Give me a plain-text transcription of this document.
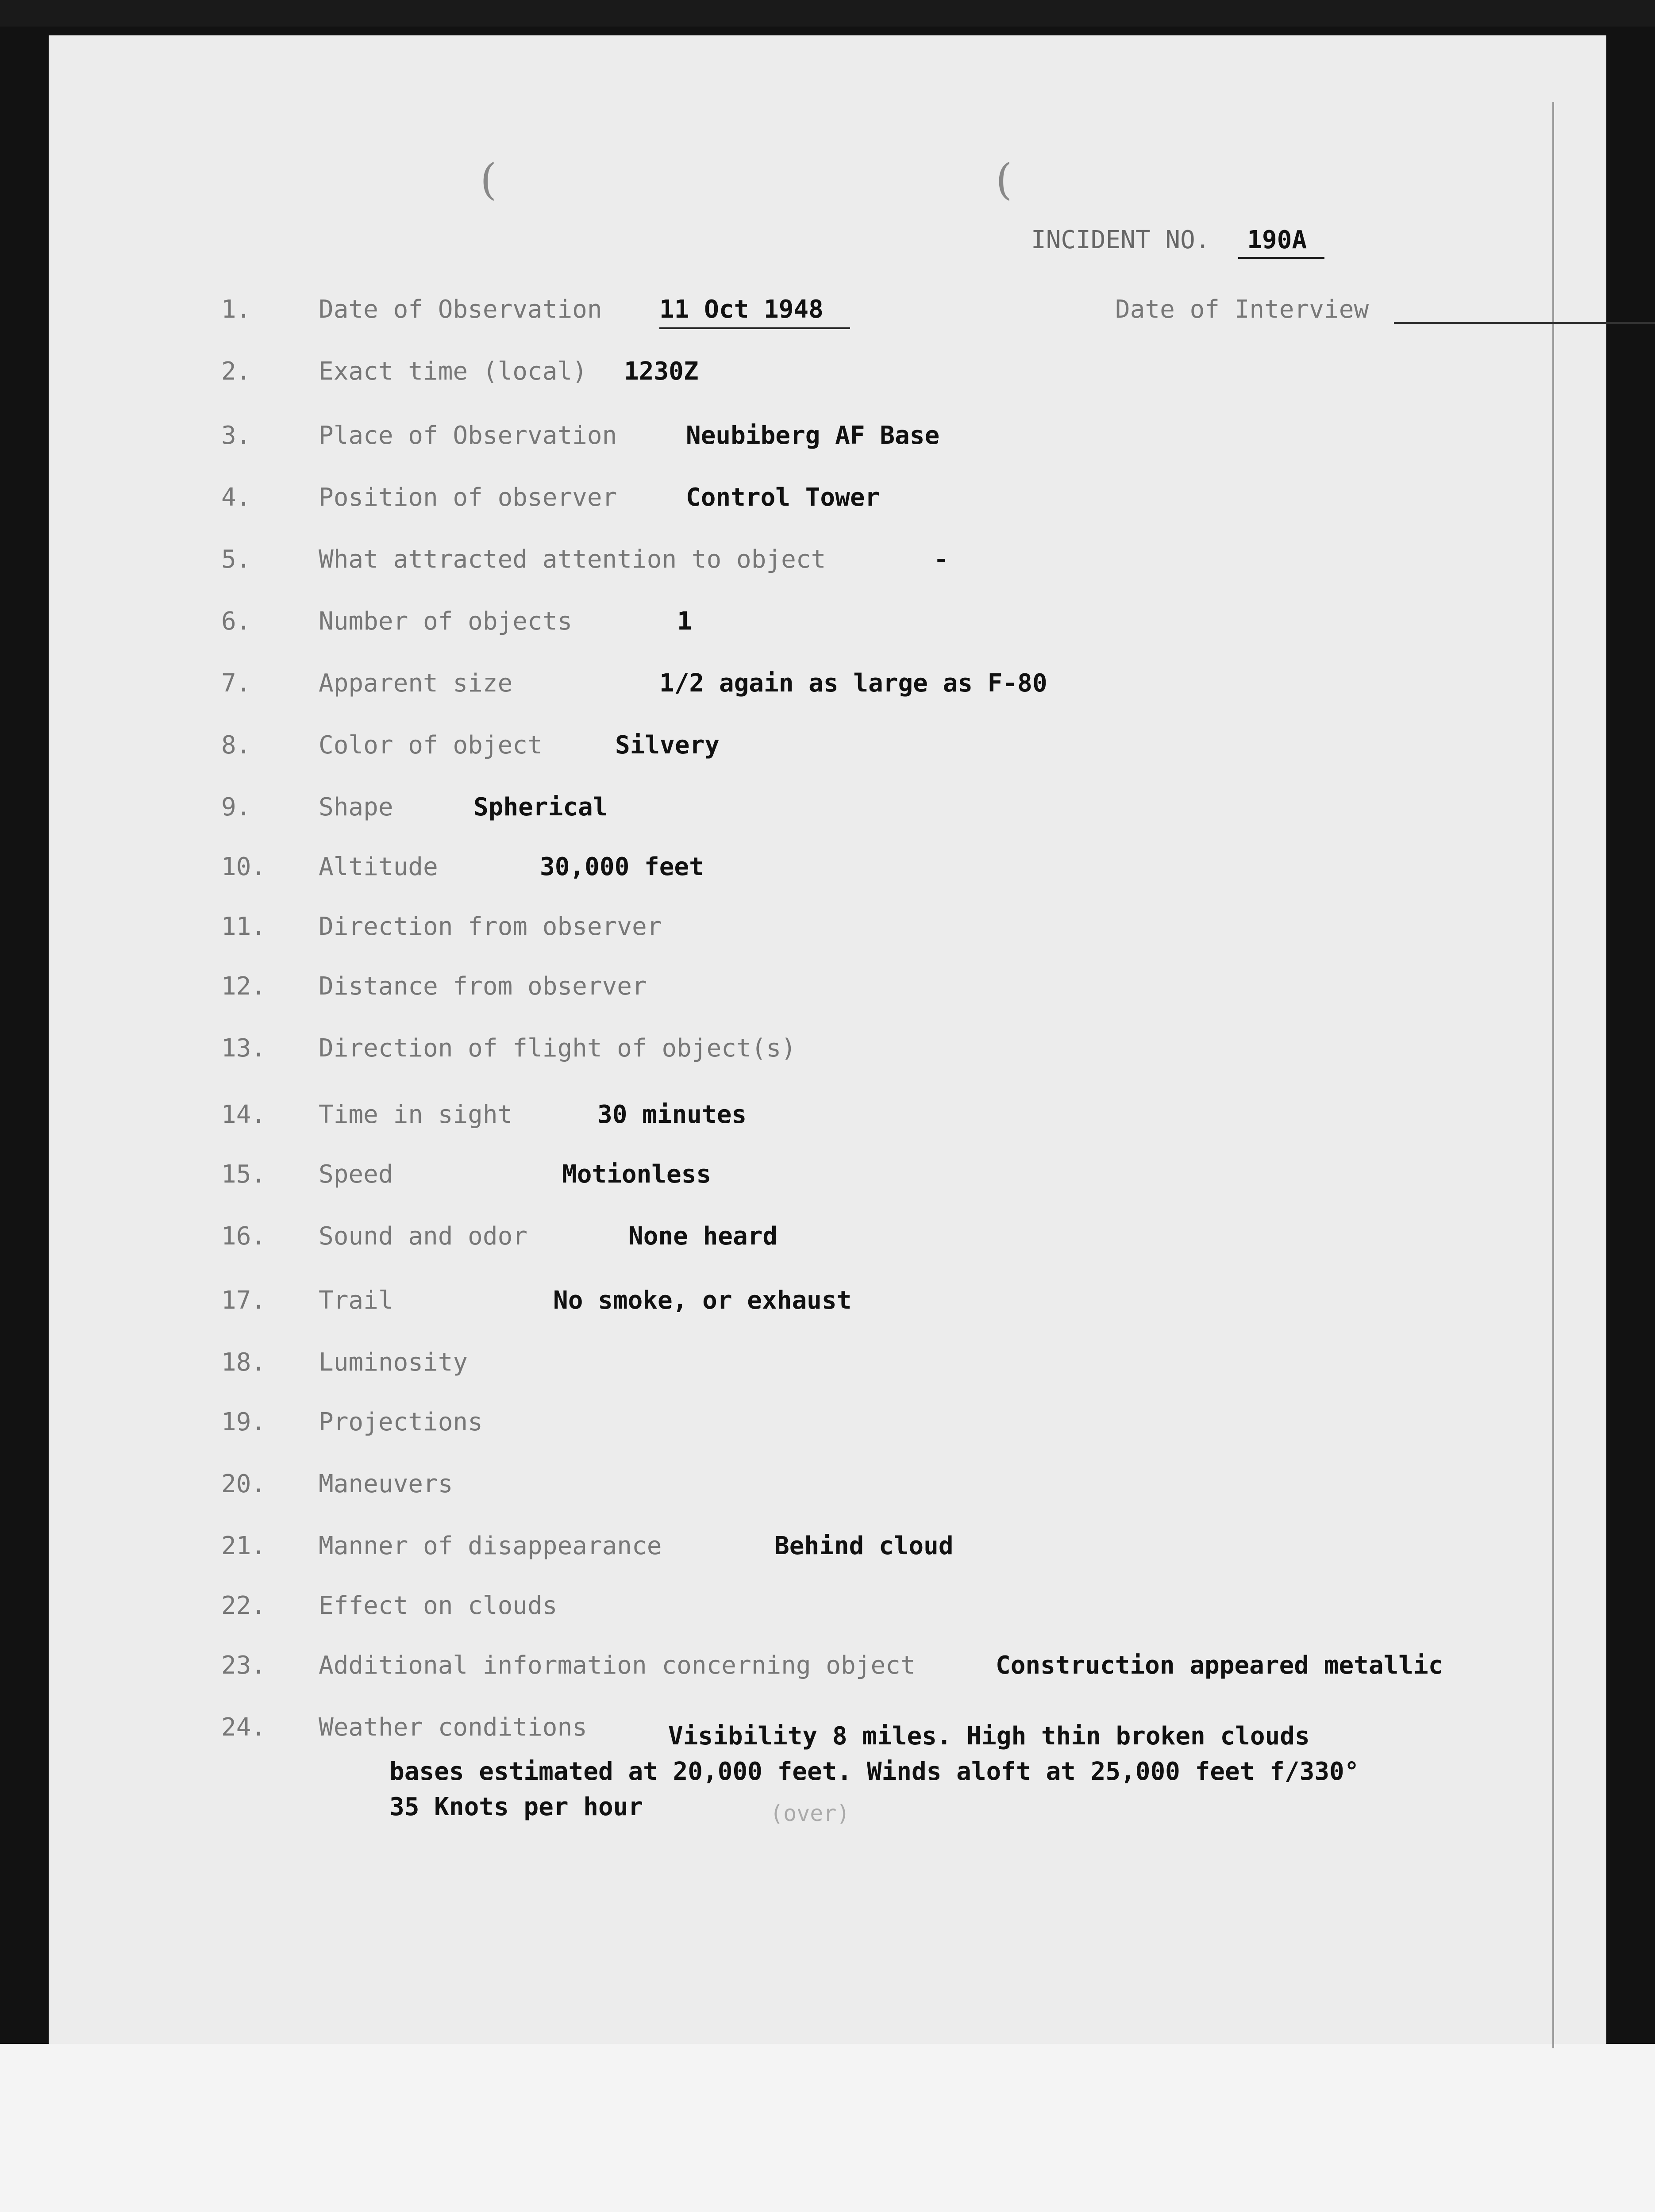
(	(
INCIDENT NO. 190A
1.	Date of Observation 11 Oct 1948	Date of Interview
2.	Exact time (local) 1230Z
3.	Place of Observation	Neubiberg AF Base
4.	Position of observer	Control Tower
5.	What attracted attention to object	-
6.	Number of objects	1
7.	Apparent size	1/2 again as large as F-80
8.	Color of object	Silvery
9.	Shape	Spherical
10. Altitude	30,000 feet
11. Direction from observer
12. Distance from observer
13. Direction of flight of object(s)
14. Time in sight	30 minutes
15. Speed	Motionless
16. Sound and odor	None heard
17. Trail	No smoke, or exhaust
18. Luminosity
19. Projections
20. Maneuvers
21. Manner of disappearance	Behind cloud
22. Effect on clouds
23. Additional information concerning object	Construction appeared metallic
24. Weather conditions	Visibility 8 miles. High thin broken clouds
bases estimated at 20,000 feet. Winds aloft at 25,000 feet f/330°
35 Knots per hour	(over)
